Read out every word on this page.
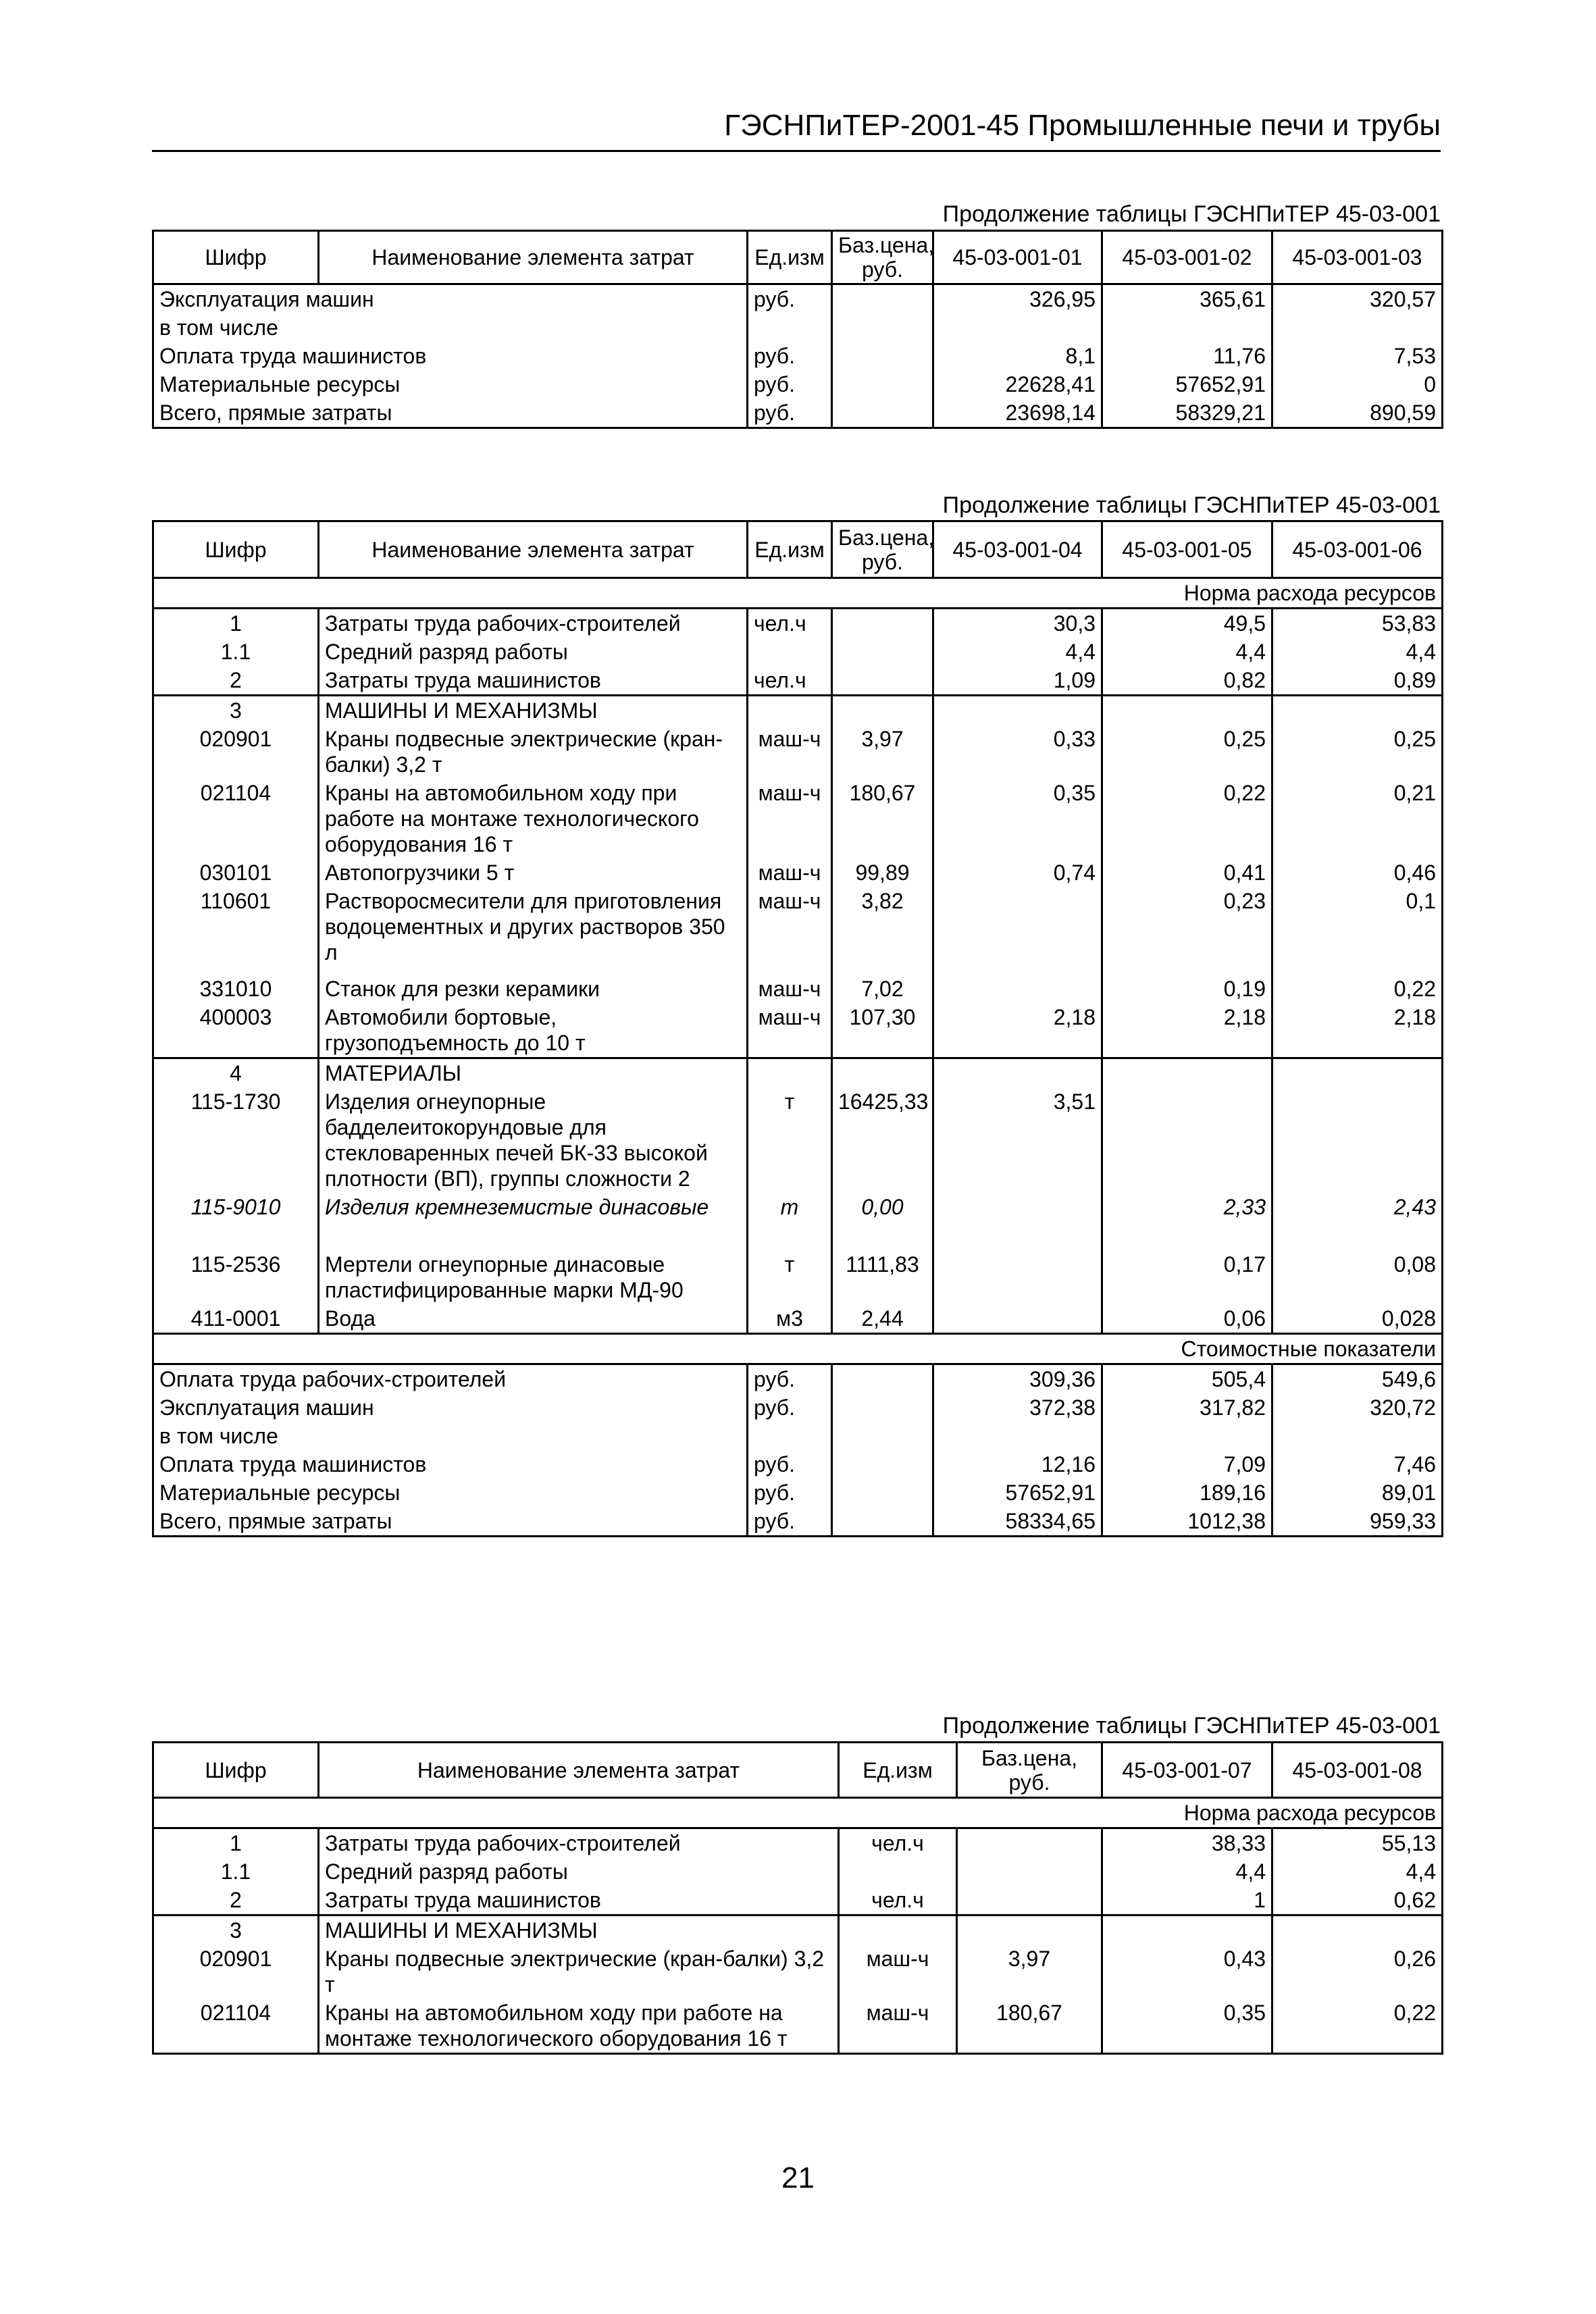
ГЭСНПиТЕР-2001-45 Промышленные печи и трубы
Продолжение таблицы ГЭСНПиТЕР 45-03-001
Шифр	Наименование элемента затрат	Ед.изм	Баз.цена, руб.	45-03-001-01	45-03-001-02	45-03-001-03
Эксплуатация машин		руб.		326,95	365,61	320,57
в том числе						
Оплата труда машинистов		руб.		8,1	11,76	7,53
Материальные ресурсы		руб.		22628,41	57652,91	0
Всего, прямые затраты		руб.		23698,14	58329,21	890,59
Продолжение таблицы ГЭСНПиТЕР 45-03-001
Шифр	Наименование элемента затрат	Ед.изм	Баз.цена, руб.	45-03-001-04	45-03-001-05	45-03-001-06
Норма расхода ресурсов						
1	Затраты труда рабочих-строителей	чел.ч		30,3	49,5	53,83
1.1	Средний разряд работы			4,4	4,4	4,4
2	Затраты труда машинистов	чел.ч		1,09	0,82	0,89
3	МАШИНЫ И МЕХАНИЗМЫ					
020901	Краны подвесные электрические (кран-балки) 3,2 т	маш-ч	3,97	0,33	0,25	0,25
021104	Краны на автомобильном ходу при работе на монтаже технологического оборудования 16 т	маш-ч	180,67	0,35	0,22	0,21
030101	Автопогрузчики 5 т	маш-ч	99,89	0,74	0,41	0,46
110601	Растворосмесители для приготовления водоцементных и других растворов 350 л	маш-ч	3,82		0,23	0,1
331010	Станок для резки керамики	маш-ч	7,02		0,19	0,22
400003	Автомобили бортовые, грузоподъемность до 10 т	маш-ч	107,30	2,18	2,18	2,18
4	МАТЕРИАЛЫ					
115-1730	Изделия огнеупорные бадделеитокорундовые для стекловаренных печей БК-33 высокой плотности (ВП), группы сложности 2	т	16425,33	3,51		
115-9010	Изделия кремнеземистые динасовые	т	0,00		2,33	2,43
115-2536	Мертели огнеупорные динасовые пластифицированные марки МД-90	т	1111,83		0,17	0,08
411-0001	Вода	м3	2,44		0,06	0,028
Стоимостные показатели						
Оплата труда рабочих-строителей		руб.		309,36	505,4	549,6
Эксплуатация машин		руб.		372,38	317,82	320,72
в том числе						
Оплата труда машинистов		руб.		12,16	7,09	7,46
Материальные ресурсы		руб.		57652,91	189,16	89,01
Всего, прямые затраты		руб.		58334,65	1012,38	959,33
Продолжение таблицы ГЭСНПиТЕР 45-03-001
Шифр	Наименование элемента затрат	Ед.изм	Баз.цена, руб.	45-03-001-07	45-03-001-08
Норма расхода ресурсов					
1	Затраты труда рабочих-строителей	чел.ч		38,33	55,13
1.1	Средний разряд работы			4,4	4,4
2	Затраты труда машинистов	чел.ч		1	0,62
3	МАШИНЫ И МЕХАНИЗМЫ				
020901	Краны подвесные электрические (кран-балки) 3,2 т	маш-ч	3,97	0,43	0,26
021104	Краны на автомобильном ходу при работе на монтаже технологического оборудования 16 т	маш-ч	180,67	0,35	0,22
21
